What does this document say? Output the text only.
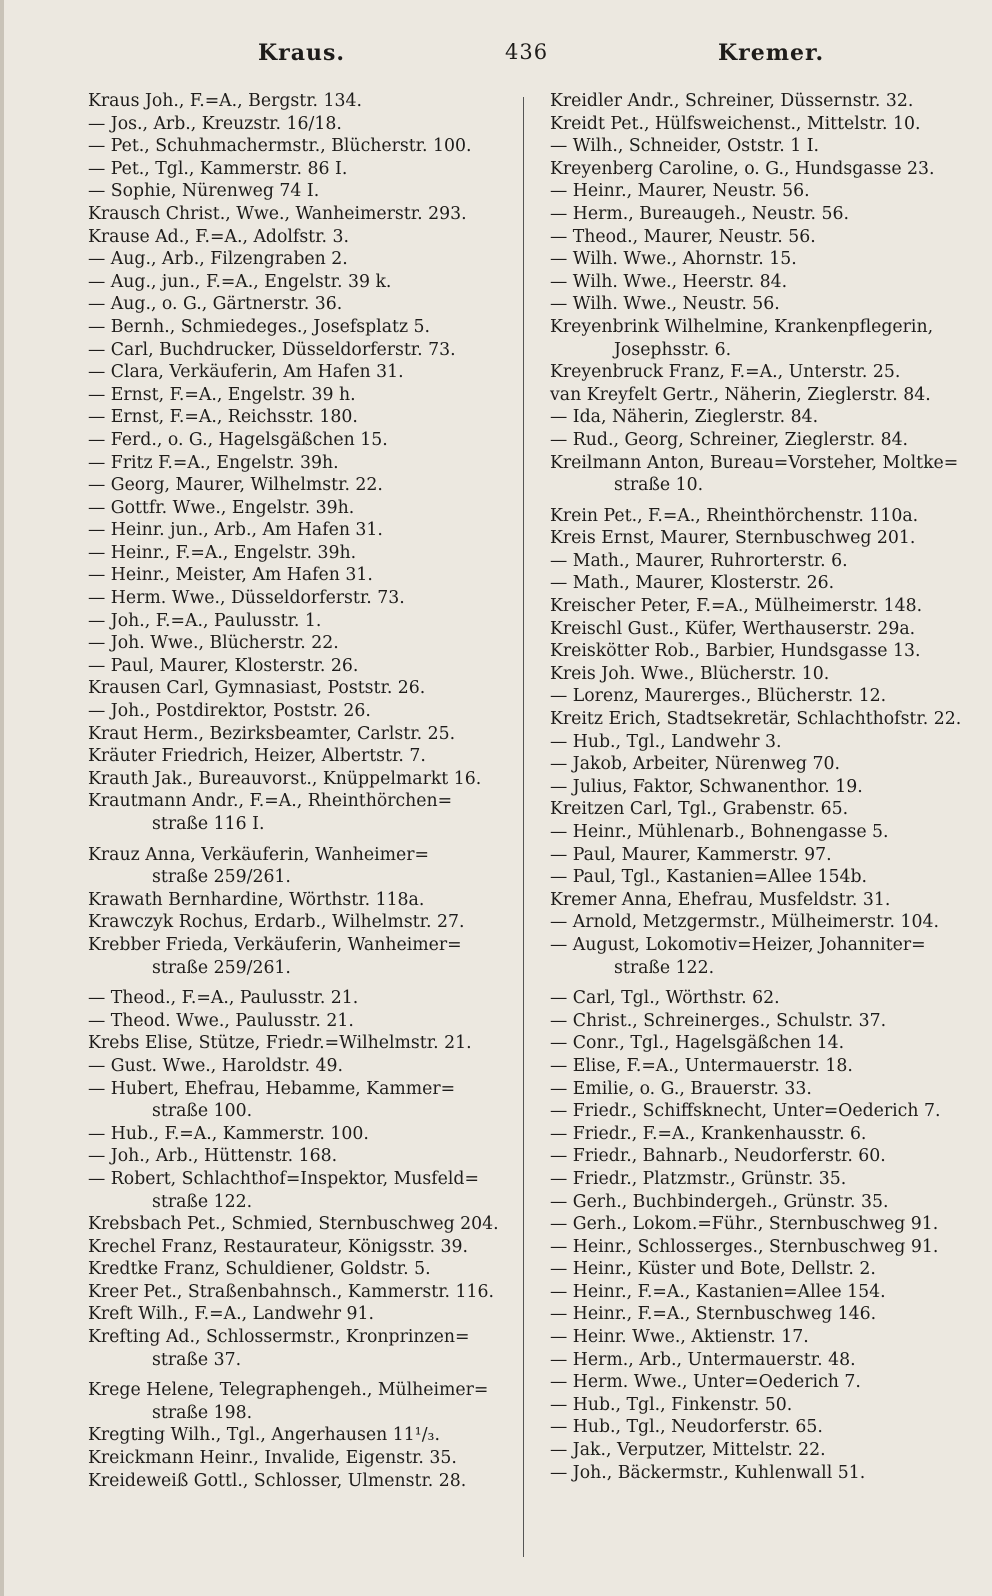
Kraus.	436	Kremer.
Kraus Joh., F.=A., Bergstr. 134.
— Jos., Arb., Kreuzstr. 16/18.
— Pet., Schuhmachermstr., Blücherstr. 100.
— Pet., Tgl., Kammerstr. 86 I.
— Sophie, Nürenweg 74 I.
Krausch Christ., Wwe., Wanheimerstr. 293.
Krause Ad., F.=A., Adolfstr. 3.
— Aug., Arb., Filzengraben 2.
— Aug., jun., F.=A., Engelstr. 39 k.
— Aug., o. G., Gärtnerstr. 36.
— Bernh., Schmiedeges., Josefsplatz 5.
— Carl, Buchdrucker, Düsseldorferstr. 73.
— Clara, Verkäuferin, Am Hafen 31.
— Ernst, F.=A., Engelstr. 39 h.
— Ernst, F.=A., Reichsstr. 180.
— Ferd., o. G., Hagelsgäßchen 15.
— Fritz F.=A., Engelstr. 39h.
— Georg, Maurer, Wilhelmstr. 22.
— Gottfr. Wwe., Engelstr. 39h.
— Heinr. jun., Arb., Am Hafen 31.
— Heinr., F.=A., Engelstr. 39h.
— Heinr., Meister, Am Hafen 31.
— Herm. Wwe., Düsseldorferstr. 73.
— Joh., F.=A., Paulusstr. 1.
— Joh. Wwe., Blücherstr. 22.
— Paul, Maurer, Klosterstr. 26.
Krausen Carl, Gymnasiast, Poststr. 26.
— Joh., Postdirektor, Poststr. 26.
Kraut Herm., Bezirksbeamter, Carlstr. 25.
Kräuter Friedrich, Heizer, Albertstr. 7.
Krauth Jak., Bureauvorst., Knüppelmarkt 16.
Krautmann Andr., F.=A., Rheinthörchen=
straße 116 I.
Krauz Anna, Verkäuferin, Wanheimer=
straße 259/261.
Krawath Bernhardine, Wörthstr. 118a.
Krawczyk Rochus, Erdarb., Wilhelmstr. 27.
Krebber Frieda, Verkäuferin, Wanheimer=
straße 259/261.
— Theod., F.=A., Paulusstr. 21.
— Theod. Wwe., Paulusstr. 21.
Krebs Elise, Stütze, Friedr.=Wilhelmstr. 21.
— Gust. Wwe., Haroldstr. 49.
— Hubert, Ehefrau, Hebamme, Kammer=
straße 100.
— Hub., F.=A., Kammerstr. 100.
— Joh., Arb., Hüttenstr. 168.
— Robert, Schlachthof=Inspektor, Musfeld=
straße 122.
Krebsbach Pet., Schmied, Sternbuschweg 204.
Krechel Franz, Restaurateur, Königsstr. 39.
Kredtke Franz, Schuldiener, Goldstr. 5.
Kreer Pet., Straßenbahnsch., Kammerstr. 116.
Kreft Wilh., F.=A., Landwehr 91.
Krefting Ad., Schlossermstr., Kronprinzen=
straße 37.
Krege Helene, Telegraphengeh., Mülheimer=
straße 198.
Kregting Wilh., Tgl., Angerhausen 11¹/₃.
Kreickmann Heinr., Invalide, Eigenstr. 35.
Kreideweiß Gottl., Schlosser, Ulmenstr. 28.
Kreidler Andr., Schreiner, Düssernstr. 32.
Kreidt Pet., Hülfsweichenst., Mittelstr. 10.
— Wilh., Schneider, Oststr. 1 I.
Kreyenberg Caroline, o. G., Hundsgasse 23.
— Heinr., Maurer, Neustr. 56.
— Herm., Bureaugeh., Neustr. 56.
— Theod., Maurer, Neustr. 56.
— Wilh. Wwe., Ahornstr. 15.
— Wilh. Wwe., Heerstr. 84.
— Wilh. Wwe., Neustr. 56.
Kreyenbrink Wilhelmine, Krankenpflegerin,
Josephsstr. 6.
Kreyenbruck Franz, F.=A., Unterstr. 25.
van Kreyfelt Gertr., Näherin, Zieglerstr. 84.
— Ida, Näherin, Zieglerstr. 84.
— Rud., Georg, Schreiner, Zieglerstr. 84.
Kreilmann Anton, Bureau=Vorsteher, Moltke=
straße 10.
Krein Pet., F.=A., Rheinthörchenstr. 110a.
Kreis Ernst, Maurer, Sternbuschweg 201.
— Math., Maurer, Ruhrorterstr. 6.
— Math., Maurer, Klosterstr. 26.
Kreischer Peter, F.=A., Mülheimerstr. 148.
Kreischl Gust., Küfer, Werthauserstr. 29a.
Kreiskötter Rob., Barbier, Hundsgasse 13.
Kreis Joh. Wwe., Blücherstr. 10.
— Lorenz, Maurerges., Blücherstr. 12.
Kreitz Erich, Stadtsekretär, Schlachthofstr. 22.
— Hub., Tgl., Landwehr 3.
— Jakob, Arbeiter, Nürenweg 70.
— Julius, Faktor, Schwanenthor. 19.
Kreitzen Carl, Tgl., Grabenstr. 65.
— Heinr., Mühlenarb., Bohnengasse 5.
— Paul, Maurer, Kammerstr. 97.
— Paul, Tgl., Kastanien=Allee 154b.
Kremer Anna, Ehefrau, Musfeldstr. 31.
— Arnold, Metzgermstr., Mülheimerstr. 104.
— August, Lokomotiv=Heizer, Johanniter=
straße 122.
— Carl, Tgl., Wörthstr. 62.
— Christ., Schreinerges., Schulstr. 37.
— Conr., Tgl., Hagelsgäßchen 14.
— Elise, F.=A., Untermauerstr. 18.
— Emilie, o. G., Brauerstr. 33.
— Friedr., Schiffsknecht, Unter=Oederich 7.
— Friedr., F.=A., Krankenhausstr. 6.
— Friedr., Bahnarb., Neudorferstr. 60.
— Friedr., Platzmstr., Grünstr. 35.
— Gerh., Buchbindergeh., Grünstr. 35.
— Gerh., Lokom.=Führ., Sternbuschweg 91.
— Heinr., Schlosserges., Sternbuschweg 91.
— Heinr., Küster und Bote, Dellstr. 2.
— Heinr., F.=A., Kastanien=Allee 154.
— Heinr., F.=A., Sternbuschweg 146.
— Heinr. Wwe., Aktienstr. 17.
— Herm., Arb., Untermauerstr. 48.
— Herm. Wwe., Unter=Oederich 7.
— Hub., Tgl., Finkenstr. 50.
— Hub., Tgl., Neudorferstr. 65.
— Jak., Verputzer, Mittelstr. 22.
— Joh., Bäckermstr., Kuhlenwall 51.
